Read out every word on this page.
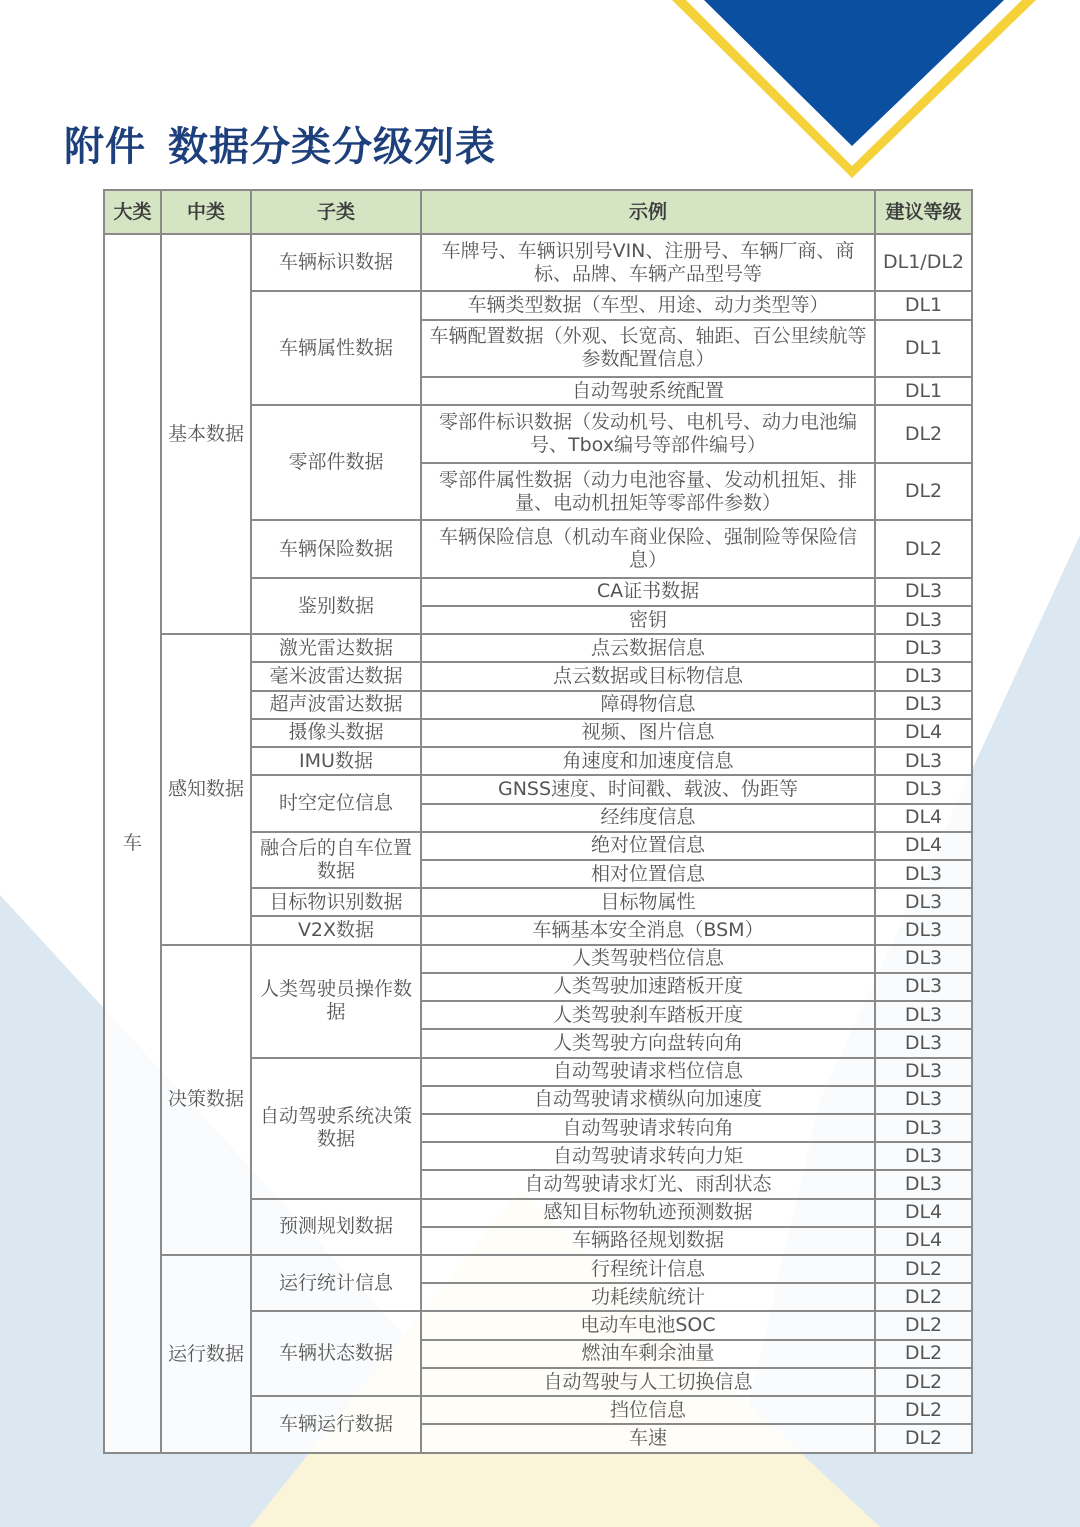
附件 数据分类分级列表
大类	中类	子类	示例	建议等级
车	基本数据	车辆标识数据	车牌号、车辆识别号VIN、注册号、车辆厂商、商标、品牌、车辆产品型号等	DL1/DL2
		车辆属性数据	车辆类型数据（车型、用途、动力类型等）	DL1
			车辆配置数据（外观、长宽高、轴距、百公里续航等参数配置信息）	DL1
			自动驾驶系统配置	DL1
		零部件数据	零部件标识数据（发动机号、电机号、动力电池编号、Tbox编号等部件编号）	DL2
			零部件属性数据（动力电池容量、发动机扭矩、排量、电动机扭矩等零部件参数）	DL2
		车辆保险数据	车辆保险信息（机动车商业保险、强制险等保险信息）	DL2
		鉴别数据	CA证书数据	DL3
			密钥	DL3
	感知数据	激光雷达数据	点云数据信息	DL3
		毫米波雷达数据	点云数据或目标物信息	DL3
		超声波雷达数据	障碍物信息	DL3
		摄像头数据	视频、图片信息	DL4
		IMU数据	角速度和加速度信息	DL3
		时空定位信息	GNSS速度、时间戳、载波、伪距等	DL3
			经纬度信息	DL4
		融合后的自车位置数据	绝对位置信息	DL4
			相对位置信息	DL3
		目标物识别数据	目标物属性	DL3
		V2X数据	车辆基本安全消息（BSM）	DL3
	决策数据	人类驾驶员操作数据	人类驾驶档位信息	DL3
			人类驾驶加速踏板开度	DL3
			人类驾驶刹车踏板开度	DL3
			人类驾驶方向盘转向角	DL3
		自动驾驶系统决策数据	自动驾驶请求档位信息	DL3
			自动驾驶请求横纵向加速度	DL3
			自动驾驶请求转向角	DL3
			自动驾驶请求转向力矩	DL3
			自动驾驶请求灯光、雨刮状态	DL3
		预测规划数据	感知目标物轨迹预测数据	DL4
			车辆路径规划数据	DL4
	运行数据	运行统计信息	行程统计信息	DL2
			功耗续航统计	DL2
		车辆状态数据	电动车电池SOC	DL2
			燃油车剩余油量	DL2
			自动驾驶与人工切换信息	DL2
		车辆运行数据	挡位信息	DL2
			车速	DL2
